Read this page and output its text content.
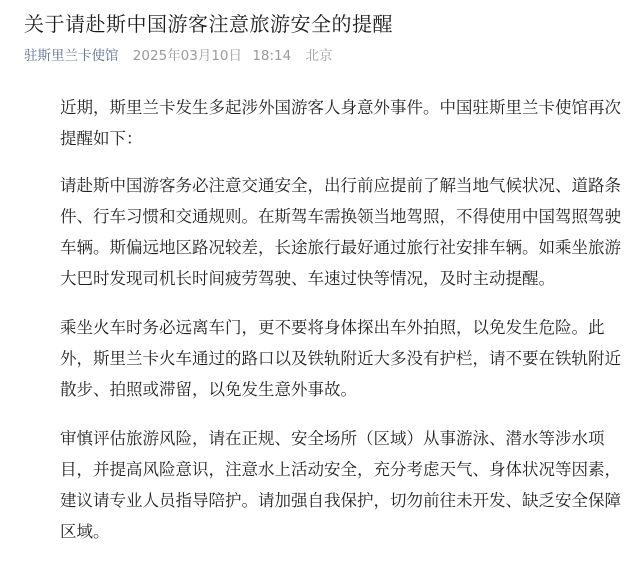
关于请赴斯中国游客注意旅游安全的提醒
驻斯里兰卡使馆 2025年03月10日 18:14 北京

近期，斯里兰卡发生多起涉外国游客人身意外事件。中国驻斯里兰卡使馆再次提醒如下：

请赴斯中国游客务必注意交通安全，出行前应提前了解当地气候状况、道路条件、行车习惯和交通规则。在斯驾车需换领当地驾照，不得使用中国驾照驾驶车辆。斯偏远地区路况较差，长途旅行最好通过旅行社安排车辆。如乘坐旅游大巴时发现司机长时间疲劳驾驶、车速过快等情况，及时主动提醒。

乘坐火车时务必远离车门，更不要将身体探出车外拍照，以免发生危险。此外，斯里兰卡火车通过的路口以及铁轨附近大多没有护栏，请不要在铁轨附近散步、拍照或滞留，以免发生意外事故。

审慎评估旅游风险，请在正规、安全场所（区域）从事游泳、潜水等涉水项目，并提高风险意识，注意水上活动安全，充分考虑天气、身体状况等因素，建议请专业人员指导陪护。请加强自我保护，切勿前往未开发、缺乏安全保障区域。
